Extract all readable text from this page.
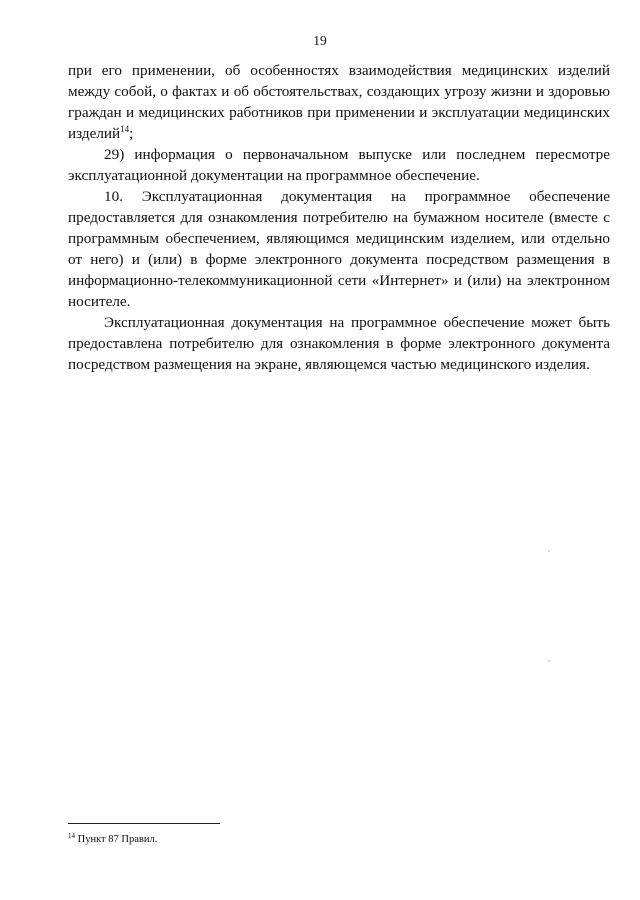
19

при его применении, об особенностях взаимодействия медицинских изделий между собой, о фактах и об обстоятельствах, создающих угрозу жизни и здоровью граждан и медицинских работников при применении и эксплуатации медицинских изделий$^{14}$;

29) информация о первоначальном выпуске или последнем пересмотре эксплуатационной документации на программное обеспечение.

10. Эксплуатационная документация на программное обеспечение предоставляется для ознакомления потребителю на бумажном носителе (вместе с программным обеспечением, являющимся медицинским изделием, или отдельно от него) и (или) в форме электронного документа посредством размещения в информационно-телекоммуникационной сети «Интернет» и (или) на электронном носителе.

Эксплуатационная документация на программное обеспечение может быть предоставлена потребителю для ознакомления в форме электронного документа посредством размещения на экране, являющемся частью медицинского изделия.

$^{14}$ Пункт 87 Правил.
